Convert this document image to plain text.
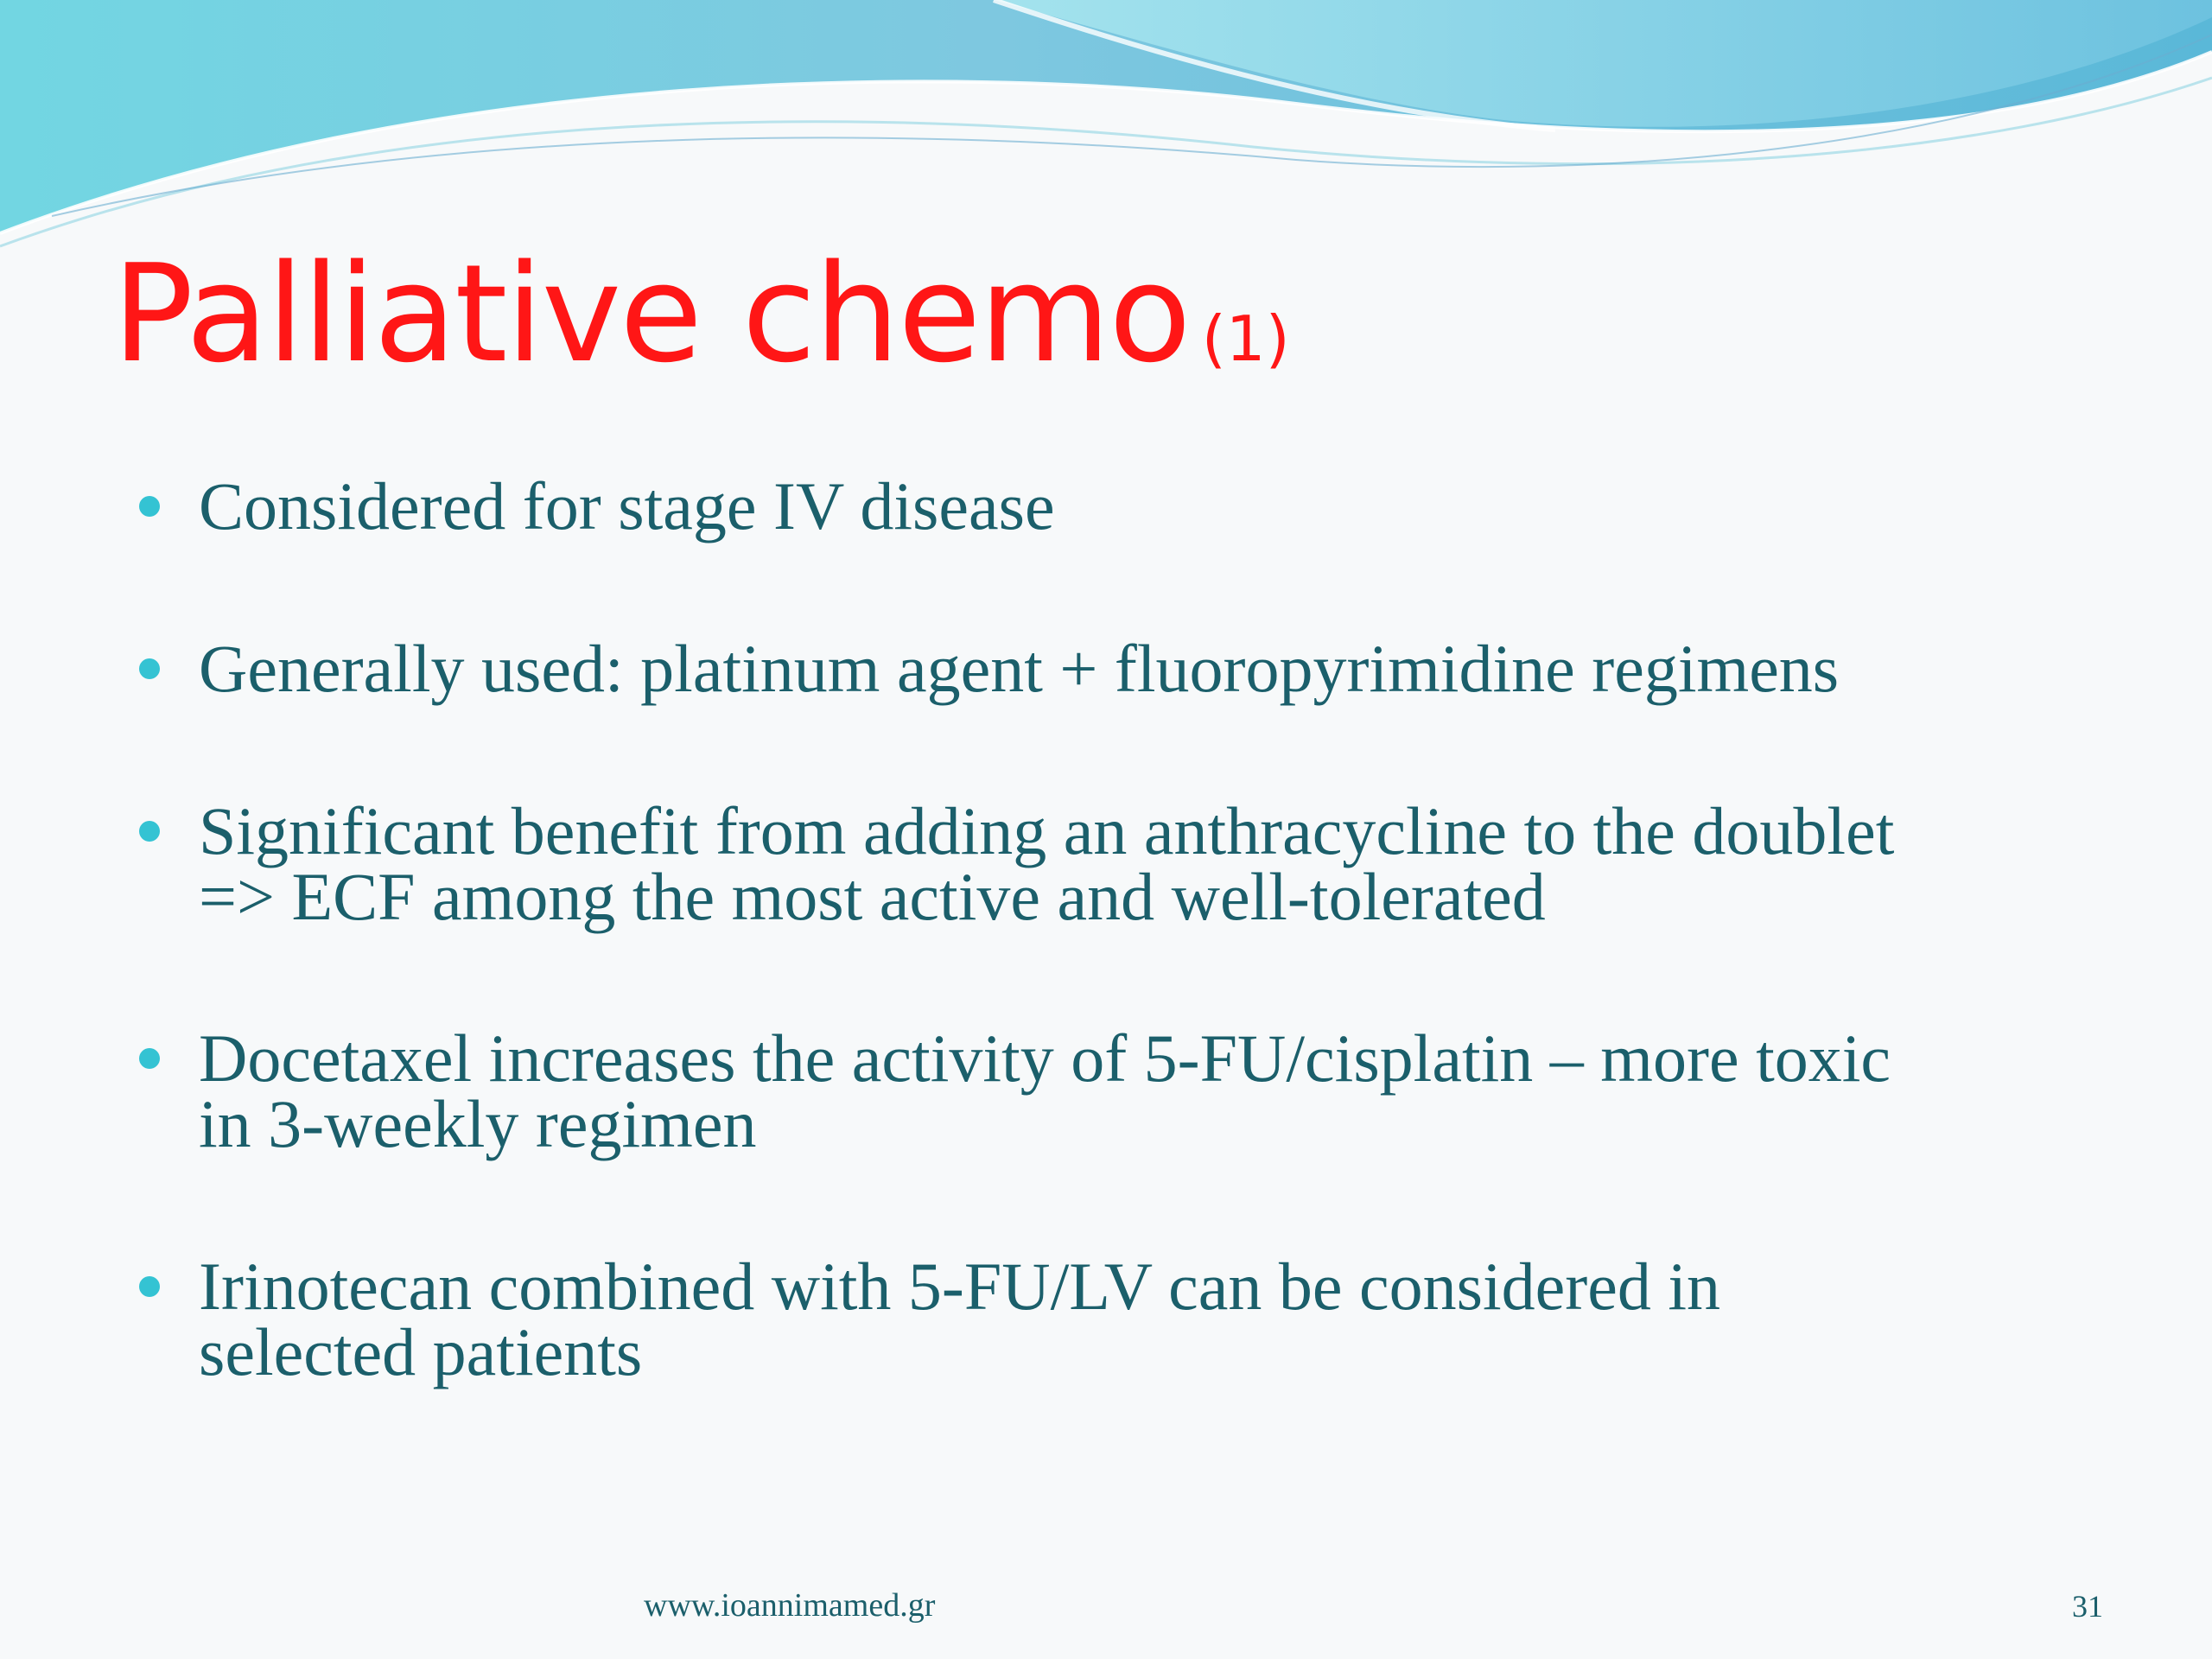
Palliative chemo (1)
Considered for stage IV disease
Generally used: platinum agent + fluoropyrimidine regimens
Significant benefit from adding an anthracycline to the doublet
=> ECF among the most active and well-tolerated
Docetaxel increases the activity of 5-FU/cisplatin – more toxic
in 3-weekly regimen
Irinotecan combined with 5-FU/LV can be considered in
selected patients
www.ioannimamed.gr	31
